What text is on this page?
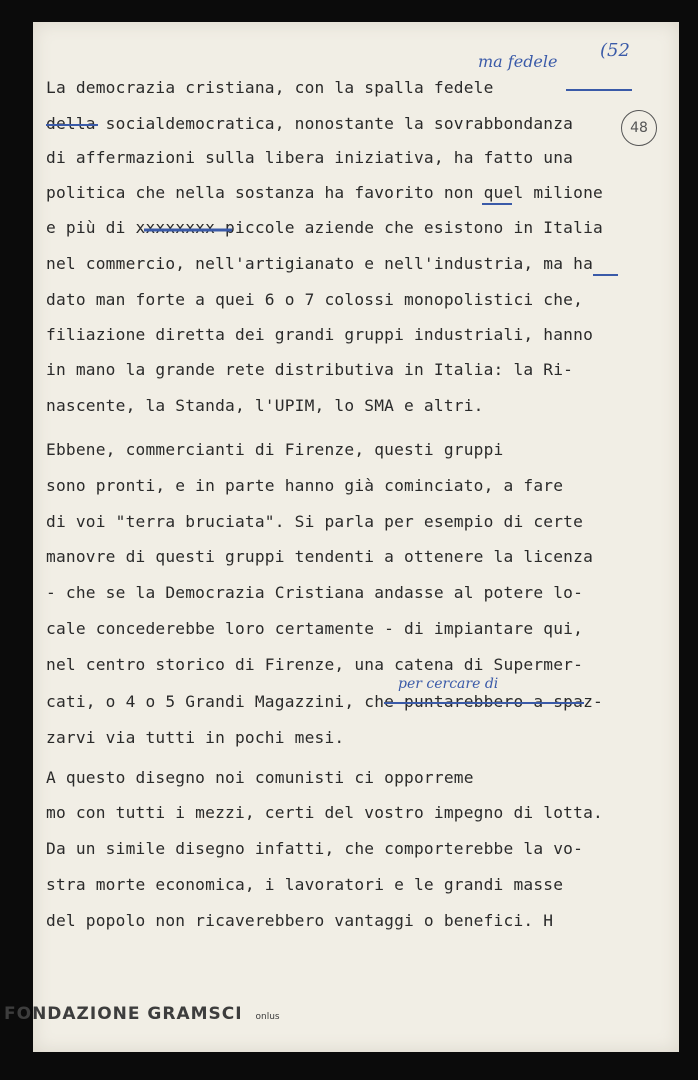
La democrazia cristiana, con la spalla fedele
della socialdemocratica, nonostante la sovrabbondanza
di affermazioni sulla libera iniziativa, ha fatto una
politica che nella sostanza ha favorito non quel milione
e più di xxxxxxxx piccole aziende che esistono in Italia
nel commercio, nell'artigianato e nell'industria, ma ha
dato man forte a quei 6 o 7 colossi monopolistici che,
filiazione diretta dei grandi gruppi industriali, hanno
in mano la grande rete distributiva in Italia: la Ri-
nascente, la Standa, l'UPIM, lo SMA e altri.
Ebbene, commercianti di Firenze, questi gruppi
sono pronti, e in parte hanno già cominciato, a fare
di voi "terra bruciata". Si parla per esempio di certe
manovre di questi gruppi tendenti a ottenere la licenza
- che se la Democrazia Cristiana andasse al potere lo-
cale concederebbe loro certamente - di impiantare qui,
nel centro storico di Firenze, una catena di Supermer-
cati, o 4 o 5 Grandi Magazzini, che puntarebbero a spaz-
zarvi via tutti in pochi mesi.
A questo disegno noi comunisti ci opporreme
mo con tutti i mezzi, certi del vostro impegno di lotta.
Da un simile disegno infatti, che comporterebbe la vo-
stra morte economica, i lavoratori e le grandi masse
del popolo non ricaverebbero vantaggi o benefici. H
ma fedele
(52
48
per cercare di
FONDAZIONE GRAMSCI onlus
